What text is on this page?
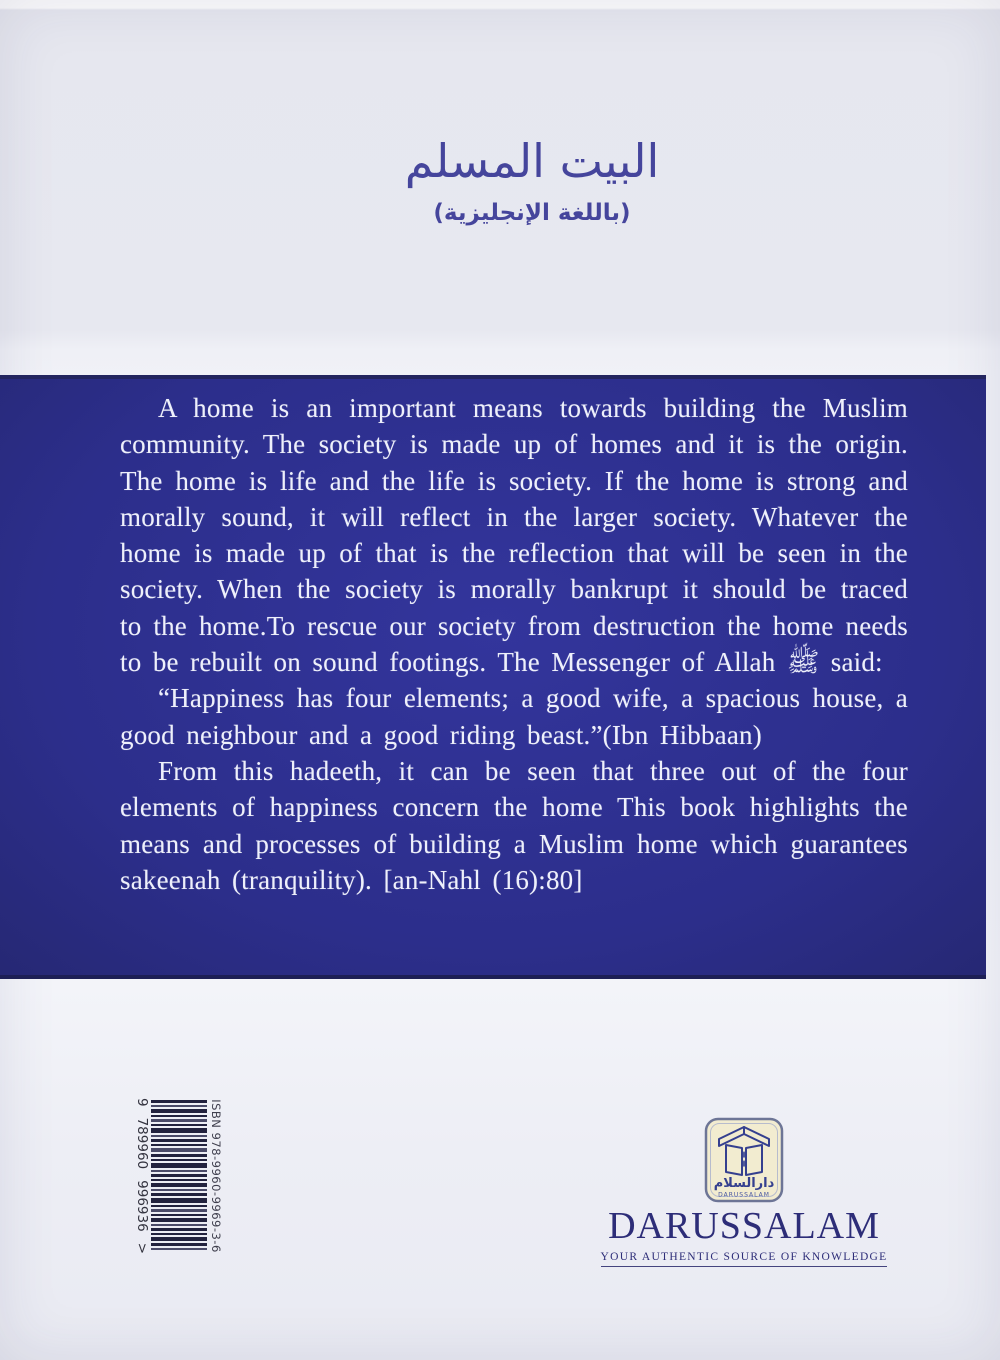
البيت المسلم
(باللغة الإنجليزية)

A home is an important means towards building the Muslim community. The society is made up of homes and it is the origin. The home is life and the life is society. If the home is strong and morally sound, it will reflect in the larger society. Whatever the home is made up of that is the reflection that will be seen in the society. When the society is morally bankrupt it should be traced to the home.To rescue our society from destruction the home needs to be rebuilt on sound footings. The Messenger of Allah ﷺ said:

“Happiness has four elements; a good wife, a spacious house, a good neighbour and a good riding beast.”(Ibn Hibbaan)

From this hadeeth, it can be seen that three out of the four elements of happiness concern the home This book highlights the means and processes of building a Muslim home which guarantees sakeenah (tranquility). [an-Nahl (16):80]

ISBN 978-9960-9969-3-6
9
789960
996936
>
دارالسلام
DARUSSALAM
DARUSSALAM
YOUR AUTHENTIC SOURCE OF KNOWLEDGE
